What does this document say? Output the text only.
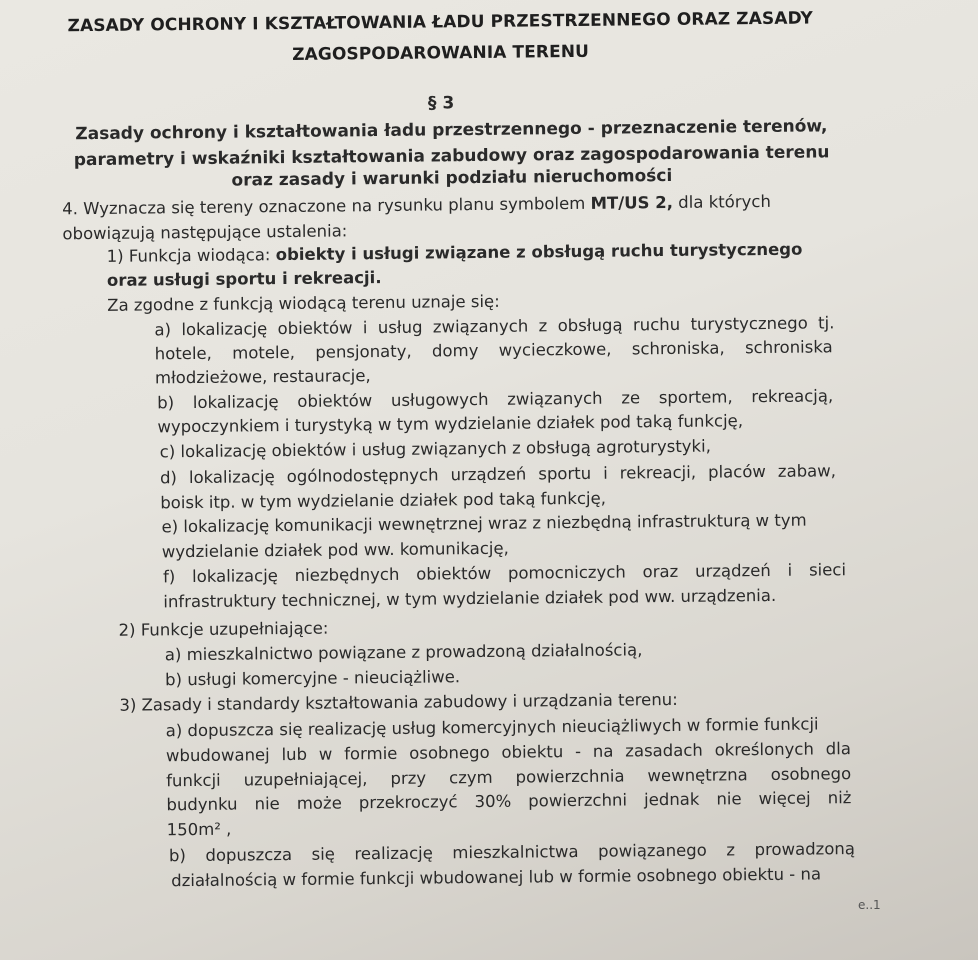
ZASADY OCHRONY I KSZTAŁTOWANIA ŁADU PRZESTRZENNEGO ORAZ ZASADY
ZAGOSPODAROWANIA TERENU
§ 3
Zasady ochrony i kształtowania ładu przestrzennego - przeznaczenie terenów,
parametry i wskaźniki kształtowania zabudowy oraz zagospodarowania terenu
oraz zasady i warunki podziału nieruchomości
4. Wyznacza się tereny oznaczone na rysunku planu symbolem MT/US 2, dla których
obowiązują następujące ustalenia:
1) Funkcja wiodąca: obiekty i usługi związane z obsługą ruchu turystycznego
oraz usługi sportu i rekreacji.
Za zgodne z funkcją wiodącą terenu uznaje się:
a) lokalizację obiektów i usług związanych z obsługą ruchu turystycznego tj.
hotele, motele, pensjonaty, domy wycieczkowe, schroniska, schroniska
młodzieżowe, restauracje,
b) lokalizację obiektów usługowych związanych ze sportem, rekreacją,
wypoczynkiem i turystyką w tym wydzielanie działek pod taką funkcję,
c) lokalizację obiektów i usług związanych z obsługą agroturystyki,
d) lokalizację ogólnodostępnych urządzeń sportu i rekreacji, placów zabaw,
boisk itp. w tym wydzielanie działek pod taką funkcję,
e) lokalizację komunikacji wewnętrznej wraz z niezbędną infrastrukturą w tym
wydzielanie działek pod ww. komunikację,
f) lokalizację niezbędnych obiektów pomocniczych oraz urządzeń i sieci
infrastruktury technicznej, w tym wydzielanie działek pod ww. urządzenia.
2) Funkcje uzupełniające:
a) mieszkalnictwo powiązane z prowadzoną działalnością,
b) usługi komercyjne - nieuciążliwe.
3) Zasady i standardy kształtowania zabudowy i urządzania terenu:
a) dopuszcza się realizację usług komercyjnych nieuciążliwych w formie funkcji
wbudowanej lub w formie osobnego obiektu - na zasadach określonych dla
funkcji uzupełniającej, przy czym powierzchnia wewnętrzna osobnego
budynku nie może przekroczyć 30% powierzchni jednak nie więcej niż
150m² ,
b) dopuszcza się realizację mieszkalnictwa powiązanego z prowadzoną
działalnością w formie funkcji wbudowanej lub w formie osobnego obiektu - na
e..1
